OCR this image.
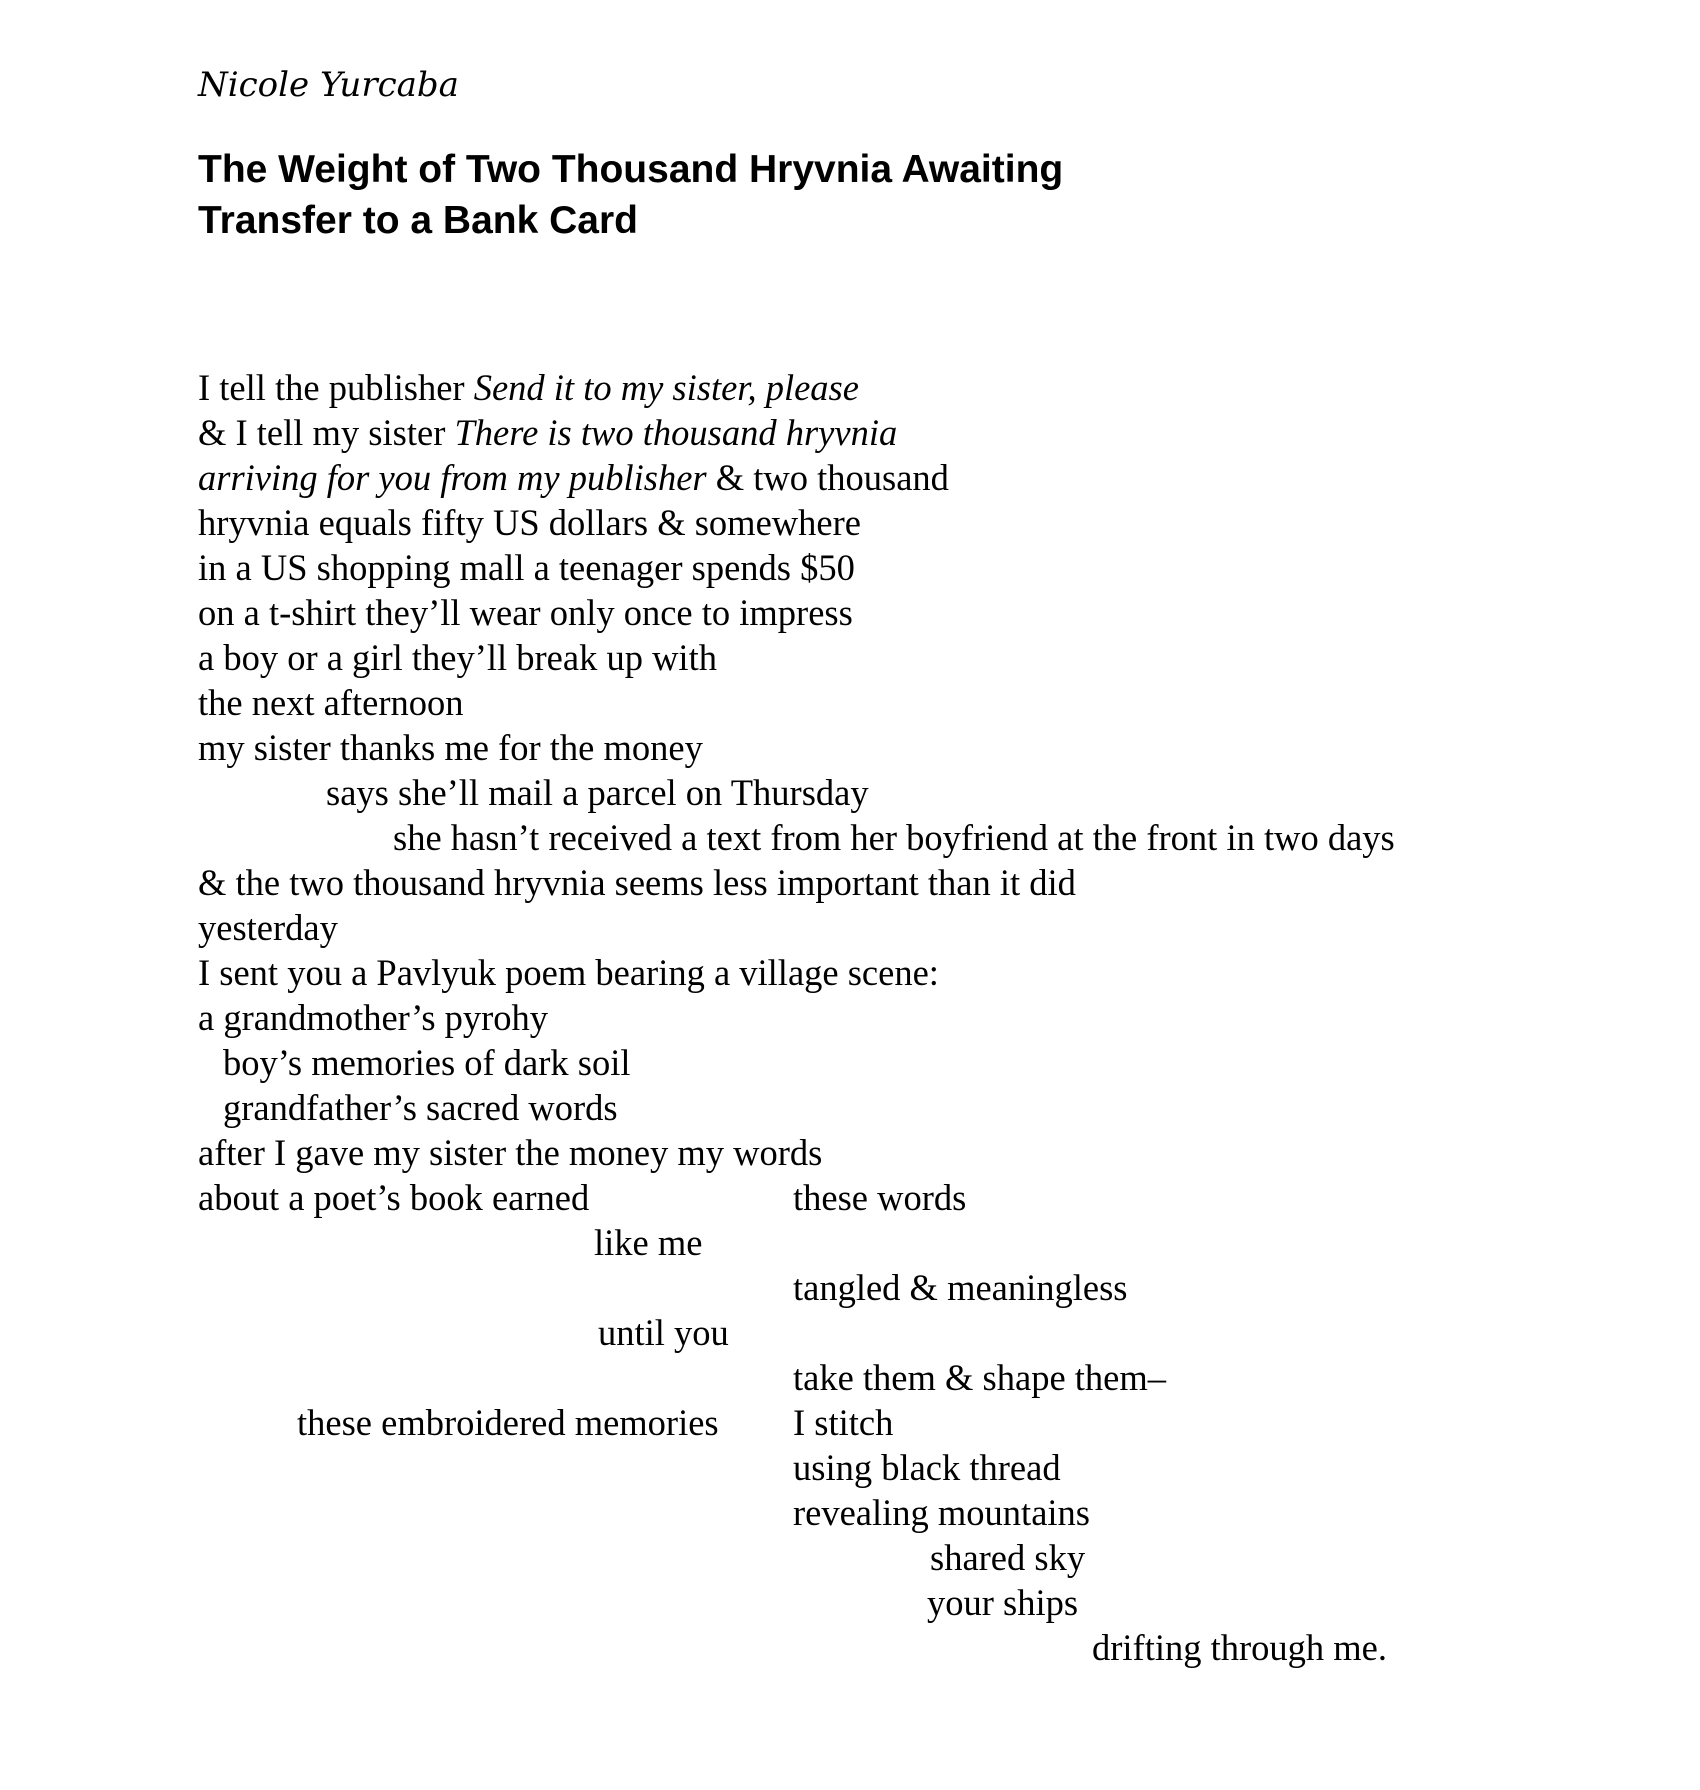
Nicole Yurcaba
The Weight of Two Thousand Hryvnia Awaiting
Transfer to a Bank Card
I tell the publisher Send it to my sister, please
& I tell my sister There is two thousand hryvnia
arriving for you from my publisher & two thousand
hryvnia equals fifty US dollars & somewhere
in a US shopping mall a teenager spends $50
on a t-shirt they’ll wear only once to impress
a boy or a girl they’ll break up with
the next afternoon
my sister thanks me for the money
says she’ll mail a parcel on Thursday
she hasn’t received a text from her boyfriend at the front in two days
& the two thousand hryvnia seems less important than it did
yesterday
I sent you a Pavlyuk poem bearing a village scene:
a grandmother’s pyrohy
boy’s memories of dark soil
grandfather’s sacred words
after I gave my sister the money my words
about a poet’s book earned	these words
like me
tangled & meaningless
until you
take them & shape them–
these embroidered memories I stitch
using black thread
revealing mountains
shared sky
your ships
drifting through me.
